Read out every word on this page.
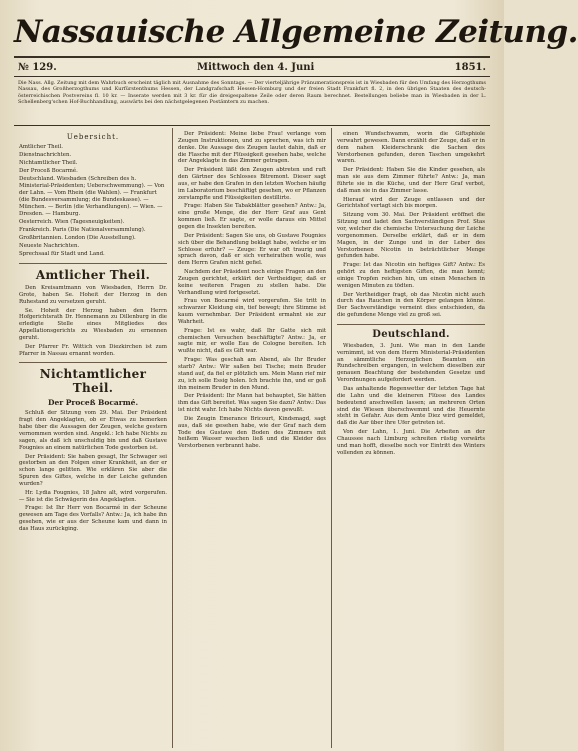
Nassauische Allgemeine Zeitung.
№ 129.	Mittwoch den 4. Juni	1851.
Die Nass. Allg. Zeitung mit dem Wahrbuch erscheint täglich mit Ausnahme des Sonntags. — Der vierteljährige Pränumerationspreis ist in Wiesbaden für den Umfang des Herzogthums Nassau, des Großherzogthums und Kurfürstenthums Hessen, der Landgrafschaft Hessen-Homburg und der freien Stadt Frankfurt fl. 2, in den übrigen Staaten des deutsch-österreichischen Postvereins fl. 10 kr. — Inserate werden mit 3 kr. für die dreigespaltene Zeile oder deren Raum berechnet. Bestellungen beliebe man in Wiesbaden in der L. Schellenberg'schen Hof-Buchhandlung, auswärts bei den nächstgelegenen Postämtern zu machen.
Uebersicht.
Amtlicher Theil.
Dienstnachrichten.
Nichtamtlicher Theil.
Der Proceß Bocarmé.
Deutschland. Wiesbaden (Schreiben des h. Ministerial-Präsidenten; Ueberschwemmung). — Von der Lahn. — Vom Rhein (die Wahlen). — Frankfurt (die Bundesversammlung; die Bundeskasse). — München. — Berlin (die Verhandlungen). — Wien. — Dresden. — Hamburg.
Oesterreich. Wien (Tagesneuigkeiten).
Frankreich. Paris (Die Nationalversammlung).
Großbritannien. London (Die Ausstellung).
Neueste Nachrichten.
Sprechsaal für Stadt und Land.
Amtlicher Theil.

Den Kreisamtmann von Wiesbaden, Herrn Dr. Grote, haben Se. Hoheit der Herzog in den Ruhestand zu versetzen geruht.

Se. Hoheit der Herzog haben den Herrn Hofgerichtsrath Dr. Hennemann zu Dillenburg in die erledigte Stelle eines Mitgliedes des Appellationsgerichts zu Wiesbaden zu ernennen geruht.

Der Pfarrer Fr. Wittich von Diezkirchen ist zum Pfarrer in Nassau ernannt worden.

Nichtamtlicher Theil.
Der Proceß Bocarmé.

Schluß der Sitzung vom 29. Mai. Der Präsident fragt den Angeklagten, ob er Etwas zu bemerken habe über die Aussagen der Zeugen, welche gestern vernommen worden sind. Angekl.: Ich habe Nichts zu sagen, als daß ich unschuldig bin und daß Gustave Fougnies an einem natürlichen Tode gestorben ist.

Der Präsident: Sie haben gesagt, Ihr Schwager sei gestorben an den Folgen einer Krankheit, an der er schon lange gelitten. Wie erklären Sie aber die Spuren des Giftes, welche in der Leiche gefunden wurden?

Hr. Lydia Fougnies, 18 Jahre alt, wird vorgerufen. — Sie ist die Schwägerin des Angeklagten.

Frage: Ist Ihr Herr von Bocarmé in der Scheune gewesen am Tage des Vorfalls? Antw.: Ja, ich habe ihn gesehen, wie er aus der Scheune kam und dann in das Haus zurückging.

Der Präsident: Meine liebe Frau! verlange vom Zeugen Instruktionen, und zu sprechen, was ich mir denke. Die Aussage des Zeugen lautet dahin, daß er die Flasche mit der Flüssigkeit gesehen habe, welche der Angeklagte in das Zimmer getragen.

Der Präsident läßt den Zeugen abtreten und ruft den Gärtner des Schlosses Bitremont. Dieser sagt aus, er habe den Grafen in den letzten Wochen häufig im Laboratorium beschäftigt gesehen, wo er Pflanzen zerstampfte und Flüssigkeiten destillirte.

Frage: Haben Sie Tabakblätter gesehen? Antw.: Ja, eine große Menge, die der Herr Graf aus Gent kommen ließ. Er sagte, er wolle daraus ein Mittel gegen die Insekten bereiten.

Der Präsident: Sagen Sie uns, ob Gustave Fougnies sich über die Behandlung beklagt habe, welche er im Schlosse erfuhr? — Zeuge: Er war oft traurig und sprach davon, daß er sich verheirathen wolle, was dem Herrn Grafen nicht gefiel.

Nachdem der Präsident noch einige Fragen an den Zeugen gerichtet, erklärt der Vertheidiger, daß er keine weiteren Fragen zu stellen habe. Die Verhandlung wird fortgesetzt.

Frau von Bocarmé wird vorgerufen. Sie tritt in schwarzer Kleidung ein, tief bewegt; ihre Stimme ist kaum vernehmbar. Der Präsident ermahnt sie zur Wahrheit.

Frage: Ist es wahr, daß Ihr Gatte sich mit chemischen Versuchen beschäftigte? Antw.: Ja, er sagte mir, er wolle Eau de Cologne bereiten. Ich wußte nicht, daß es Gift war.

Frage: Was geschah am Abend, als Ihr Bruder starb? Antw.: Wir saßen bei Tische; mein Bruder stand auf, da fiel er plötzlich um. Mein Mann rief mir zu, ich solle Essig holen. Ich brachte ihn, und er goß ihn meinem Bruder in den Mund.

Der Präsident: Ihr Mann hat behauptet, Sie hätten ihm das Gift bereitet. Was sagen Sie dazu? Antw.: Das ist nicht wahr. Ich habe Nichts davon gewußt.

Die Zeugin Emerance Bricourt, Kindsmagd, sagt aus, daß sie gesehen habe, wie der Graf nach dem Tode des Gustave den Boden des Zimmers mit heißem Wasser waschen ließ und die Kleider des Verstorbenen verbrannt habe.

einen Wundschwamm, worin die Giftsphiole verwahrt gewesen. Dann erzählt der Zeuge, daß er in dem nahen Kleiderschrank die Sachen des Verstorbenen gefunden, deren Taschen umgekehrt waren.

Der Präsident: Haben Sie die Kinder gesehen, als man sie aus dem Zimmer führte? Antw.: Ja, man führte sie in die Küche, und der Herr Graf verbot, daß man sie in das Zimmer lasse.

Hierauf wird der Zeuge entlassen und der Gerichtshof vertagt sich bis morgen.

Sitzung vom 30. Mai. Der Präsident eröffnet die Sitzung und ladet den Sachverständigen Prof. Stas vor, welcher die chemische Untersuchung der Leiche vorgenommen. Derselbe erklärt, daß er in dem Magen, in der Zunge und in der Leber des Verstorbenen Nicotin in beträchtlicher Menge gefunden habe.

Frage: Ist das Nicotin ein heftiges Gift? Antw.: Es gehört zu den heftigsten Giften, die man kennt; einige Tropfen reichen hin, um einen Menschen in wenigen Minuten zu tödten.

Der Vertheidiger fragt, ob das Nicotin nicht auch durch das Rauchen in den Körper gelangen könne. Der Sachverständige verneint dies entschieden, da die gefundene Menge viel zu groß sei.

Deutschland.

Wiesbaden, 3. Juni. Wie man in den Lande vernimmt, ist von dem Herrn Ministerial-Präsidenten an sämmtliche Herzoglichen Beamten ein Rundschreiben ergangen, in welchem dieselben zur genauen Beachtung der bestehenden Gesetze und Verordnungen aufgefordert werden.

Das anhaltende Regenwetter der letzten Tage hat die Lahn und die kleineren Flüsse des Landes bedeutend anschwellen lassen; an mehreren Orten sind die Wiesen überschwemmt und die Heuernte steht in Gefahr. Aus dem Amte Diez wird gemeldet, daß die Aar über ihre Ufer getreten ist.

Von der Lahn, 1. Juni. Die Arbeiten an der Chaussee nach Limburg schreiten rüstig vorwärts und man hofft, dieselbe noch vor Eintritt des Winters vollenden zu können.
